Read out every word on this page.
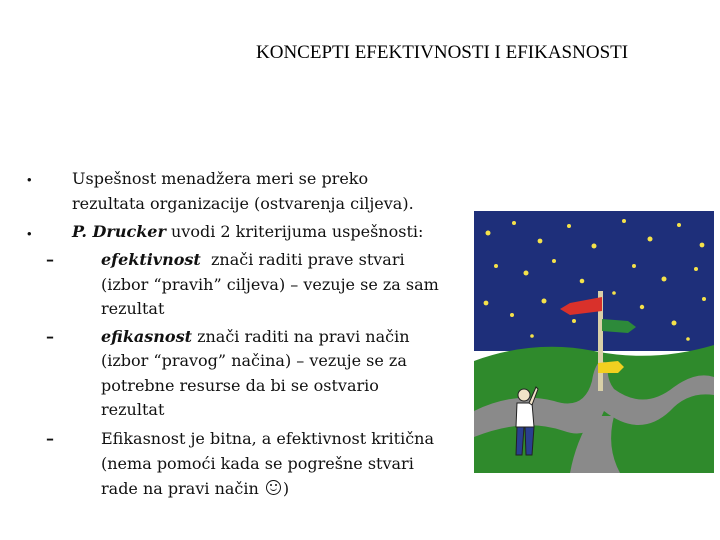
KONCEPTI EFEKTIVNOSTI I EFIKASNOSTI
•	Uspešnost menadžera meri se preko
rezultata organizacije (ostvarenja ciljeva).
•	P. Drucker uvodi 2 kriterijuma uspešnosti:
–	efektivnost  znači raditi prave stvari
(izbor “pravih” ciljeva) – vezuje se za sam
rezultat
–	efikasnost znači raditi na pravi način
(izbor “pravog” načina) – vezuje se za
potrebne resurse da bi se ostvario
rezultat
–	Efikasnost je bitna, a efektivnost kritična
(nema pomoći kada se pogrešne stvari
rade na pravi način )
